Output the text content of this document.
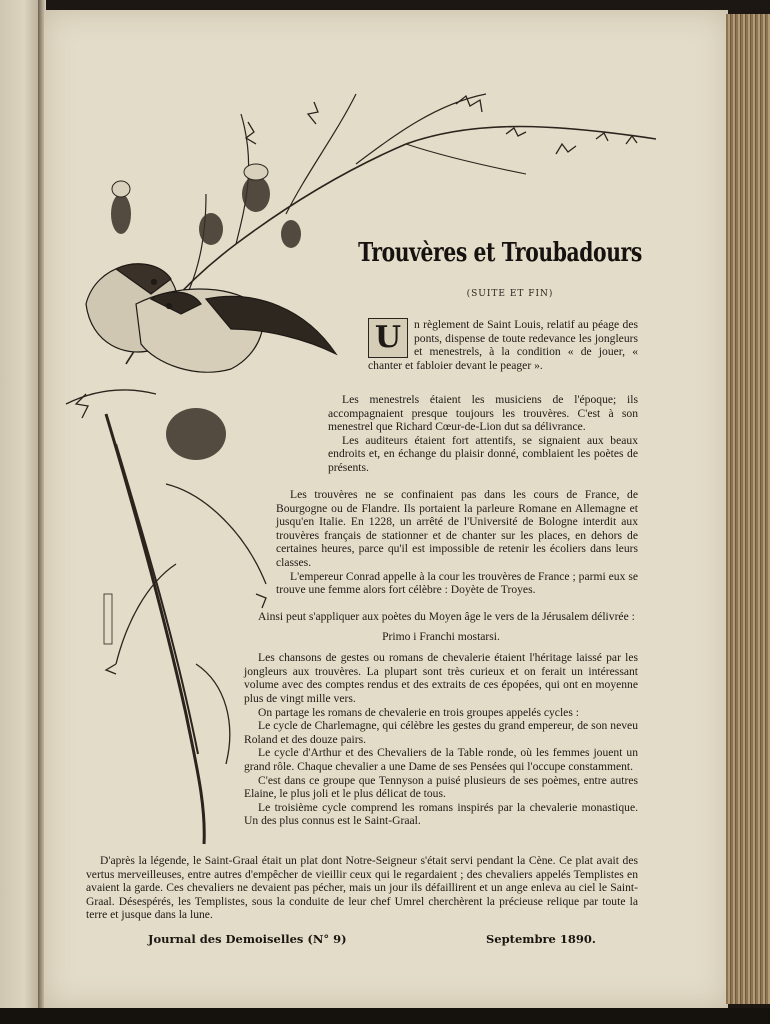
Trouvères et Troubadours
(SUITE ET FIN)

U	n règlement de Saint Louis, relatif au péage des ponts, dispense de toute redevance les jongleurs et menestrels, à la condition « de jouer, « chanter et fabloier devant le peager ».

Les menestrels étaient les musiciens de l'époque; ils accompagnaient presque toujours les trouvères. C'est à son menestrel que Richard Cœur-de-Lion dut sa délivrance.

Les auditeurs étaient fort attentifs, se signaient aux beaux endroits et, en échange du plaisir donné, comblaient les poètes de présents.

Les trouvères ne se confinaient pas dans les cours de France, de Bourgogne ou de Flandre. Ils portaient la parleure Romane en Allemagne et jusqu'en Italie. En 1228, un arrêté de l'Université de Bologne interdit aux trouvères français de stationner et de chanter sur les places, en dehors de certaines heures, parce qu'il est impossible de retenir les écoliers dans leurs classes.

L'empereur Conrad appelle à la cour les trouvères de France ; parmi eux se trouve une femme alors fort célèbre : Doyète de Troyes.

Ainsi peut s'appliquer aux poètes du Moyen âge le vers de la Jérusalem délivrée :

Primo i Franchi mostarsi.

Les chansons de gestes ou romans de chevalerie étaient l'héritage laissé par les jongleurs aux trouvères. La plupart sont très curieux et on ferait un intéressant volume avec des comptes rendus et des extraits de ces épopées, qui ont en moyenne plus de vingt mille vers.

On partage les romans de chevalerie en trois groupes appelés cycles :

Le cycle de Charlemagne, qui célèbre les gestes du grand empereur, de son neveu Roland et des douze pairs.

Le cycle d'Arthur et des Chevaliers de la Table ronde, où les femmes jouent un grand rôle. Chaque chevalier a une Dame de ses Pensées qui l'occupe constamment.

C'est dans ce groupe que Tennyson a puisé plusieurs de ses poèmes, entre autres Elaine, le plus joli et le plus délicat de tous.

Le troisième cycle comprend les romans inspirés par la chevalerie monastique. Un des plus connus est le Saint-Graal.

D'après la légende, le Saint-Graal était un plat dont Notre-Seigneur s'était servi pendant la Cène. Ce plat avait des vertus merveilleuses, entre autres d'empêcher de vieillir ceux qui le regardaient ; des chevaliers appelés Templistes en avaient la garde. Ces chevaliers ne devaient pas pécher, mais un jour ils défaillirent et un ange enleva au ciel le Saint-Graal. Désespérés, les Templistes, sous la conduite de leur chef Umrel cherchèrent la précieuse relique par toute la terre et jusque dans la lune.

Journal des Demoiselles (N° 9)	Septembre 1890.
